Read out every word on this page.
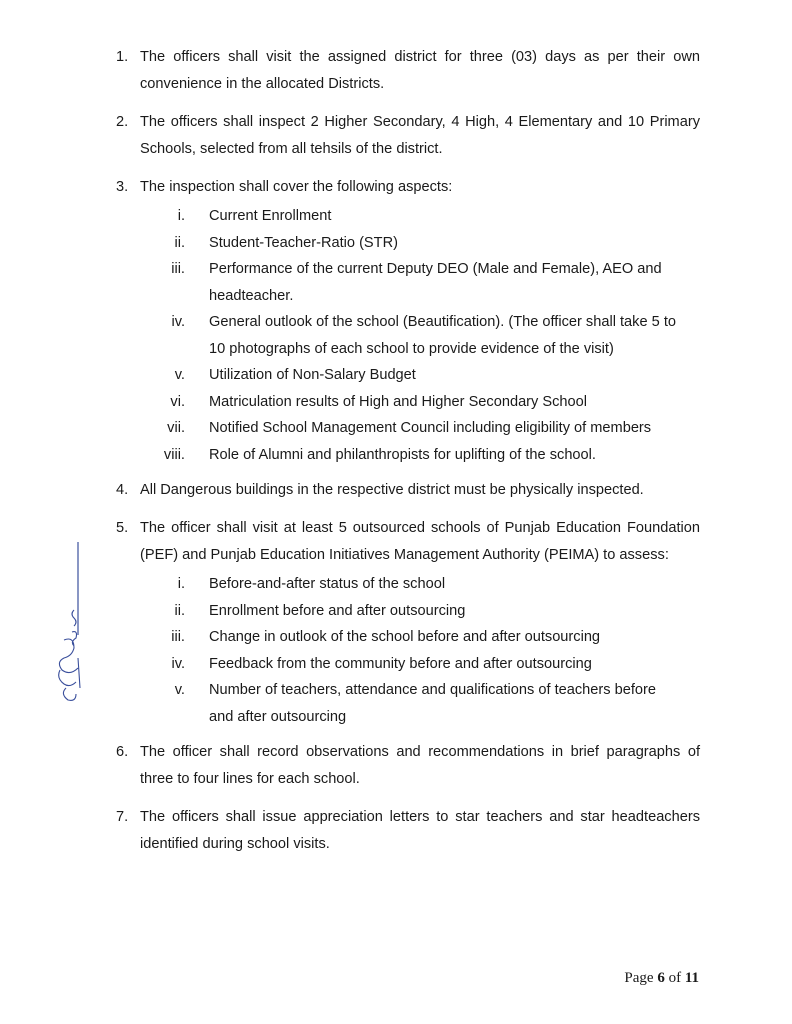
1. The officers shall visit the assigned district for three (03) days as per their own convenience in the allocated Districts.
2. The officers shall inspect 2 Higher Secondary, 4 High, 4 Elementary and 10 Primary Schools, selected from all tehsils of the district.
3. The inspection shall cover the following aspects:
i.	Current Enrollment
ii.	Student-Teacher-Ratio (STR)
iii.	Performance of the current Deputy DEO (Male and Female), AEO and headteacher.
iv.	General outlook of the school (Beautification). (The officer shall take 5 to 10 photographs of each school to provide evidence of the visit)
v.	Utilization of Non-Salary Budget
vi.	Matriculation results of High and Higher Secondary School
vii.	Notified School Management Council including eligibility of members
viii.	Role of Alumni and philanthropists for uplifting of the school.
4. All Dangerous buildings in the respective district must be physically inspected.
5. The officer shall visit at least 5 outsourced schools of Punjab Education Foundation (PEF) and Punjab Education Initiatives Management Authority (PEIMA) to assess:
i.	Before-and-after status of the school
ii.	Enrollment before and after outsourcing
iii.	Change in outlook of the school before and after outsourcing
iv.	Feedback from the community before and after outsourcing
v.	Number of teachers, attendance and qualifications of teachers before and after outsourcing
6. The officer shall record observations and recommendations in brief paragraphs of three to four lines for each school.
7. The officers shall issue appreciation letters to star teachers and star headteachers identified during school visits.
Page 6 of 11
